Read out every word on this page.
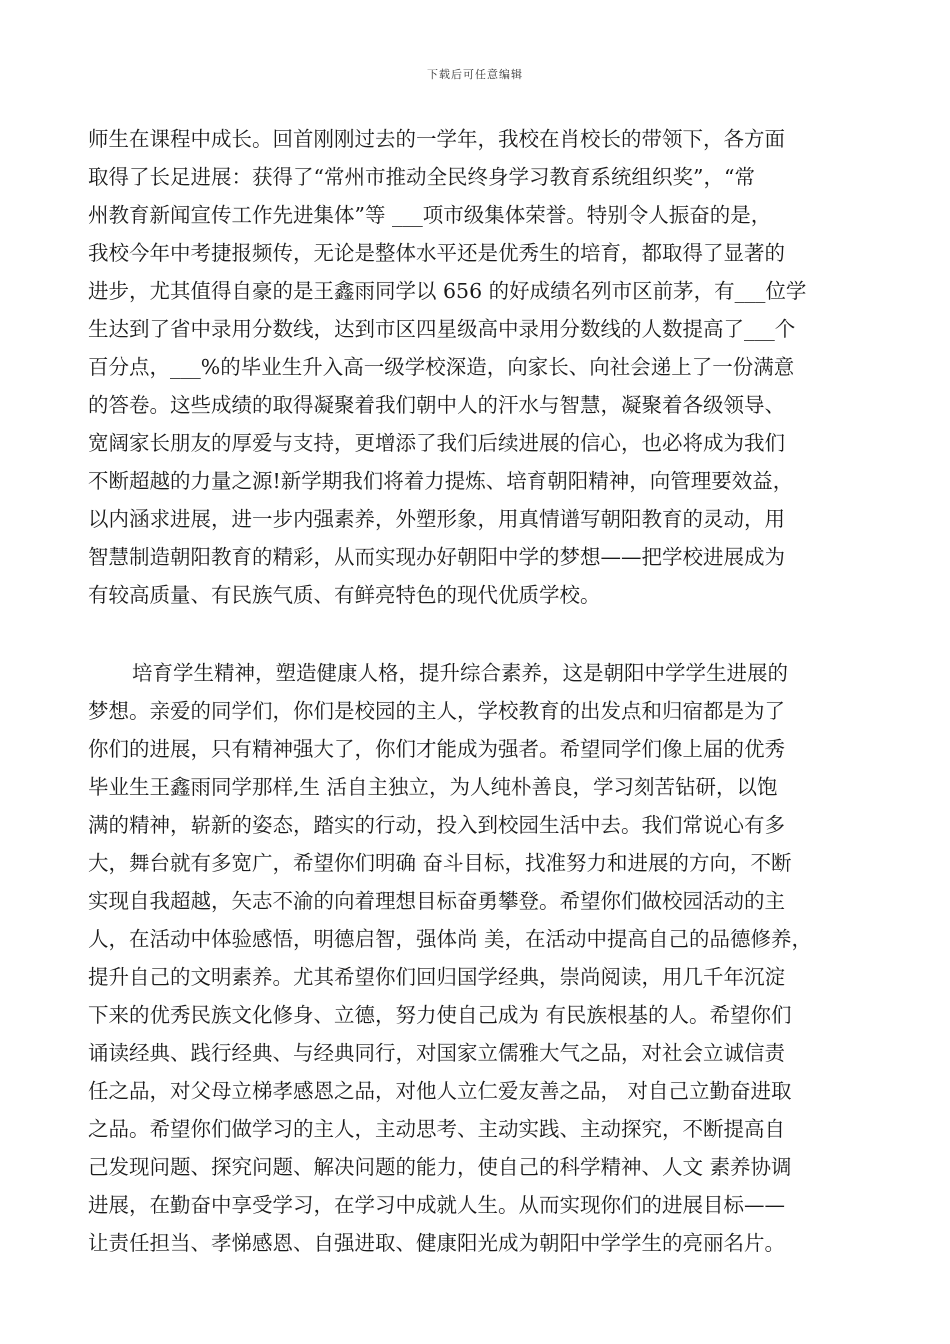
下载后可任意编辑
师生在课程中成长。回首刚刚过去的一学年，我校在肖校长的带领下，各方面
取得了长足进展：获得了“常州市推动全民终身学习教育系统组织奖”，“常
州教育新闻宣传工作先进集体”等 ___项市级集体荣誉。特别令人振奋的是，
我校今年中考捷报频传，无论是整体水平还是优秀生的培育，都取得了显著的
进步，尤其值得自豪的是王鑫雨同学以 656 的好成绩名列市区前茅，有___位学
生达到了省中录用分数线，达到市区四星级高中录用分数线的人数提高了___个
百分点，___%的毕业生升入高一级学校深造，向家长、向社会递上了一份满意
的答卷。这些成绩的取得凝聚着我们朝中人的汗水与智慧，凝聚着各级领导、
宽阔家长朋友的厚爱与支持，更增添了我们后续进展的信心，也必将成为我们
不断超越的力量之源!新学期我们将着力提炼、培育朝阳精神，向管理要效益，
以内涵求进展，进一步内强素养，外塑形象，用真情谱写朝阳教育的灵动，用
智慧制造朝阳教育的精彩，从而实现办好朝阳中学的梦想——把学校进展成为
有较高质量、有民族气质、有鲜亮特色的现代优质学校。
培育学生精神，塑造健康人格，提升综合素养，这是朝阳中学学生进展的
梦想。亲爱的同学们，你们是校园的主人，学校教育的出发点和归宿都是为了
你们的进展，只有精神强大了，你们才能成为强者。希望同学们像上届的优秀
毕业生王鑫雨同学那样,生 活自主独立，为人纯朴善良，学习刻苦钻研，以饱
满的精神，崭新的姿态，踏实的行动，投入到校园生活中去。我们常说心有多
大，舞台就有多宽广，希望你们明确 奋斗目标，找准努力和进展的方向，不断
实现自我超越，矢志不渝的向着理想目标奋勇攀登。希望你们做校园活动的主
人，在活动中体验感悟，明德启智，强体尚 美，在活动中提高自己的品德修养，
提升自己的文明素养。尤其希望你们回归国学经典，崇尚阅读，用几千年沉淀
下来的优秀民族文化修身、立德，努力使自己成为 有民族根基的人。希望你们
诵读经典、践行经典、与经典同行，对国家立儒雅大气之品，对社会立诚信责
任之品，对父母立梯孝感恩之品，对他人立仁爱友善之品， 对自己立勤奋进取
之品。希望你们做学习的主人，主动思考、主动实践、主动探究，不断提高自
己发现问题、探究问题、解决问题的能力，使自己的科学精神、人文 素养协调
进展，在勤奋中享受学习，在学习中成就人生。从而实现你们的进展目标——
让责任担当、孝悌感恩、自强进取、健康阳光成为朝阳中学学生的亮丽名片。
